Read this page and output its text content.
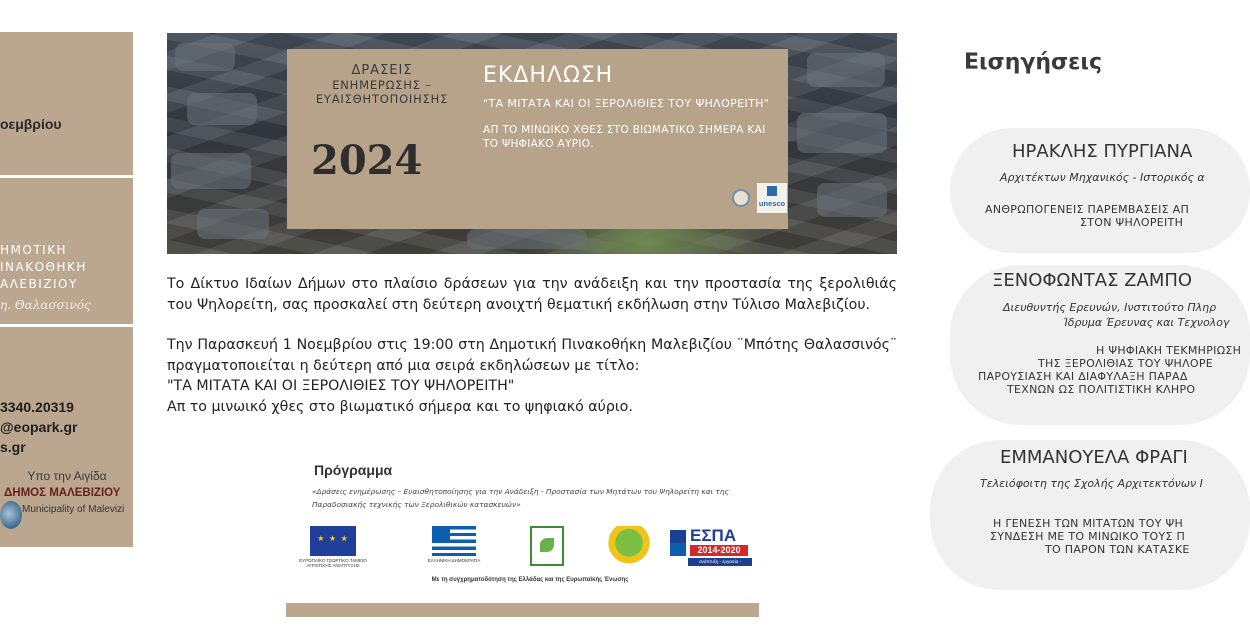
οεμβρίου
ΗΜΟΤΙΚΗ
ΙΝΑΚΟΘΗΚΗ
ΑΛΕΒΙΖΙΟΥ
η. Θαλασσινός
3340.20319
@eopark.gr
s.gr
Υπο την Αιγίδα
ΔΗΜΟΣ ΜΑΛΕΒΙΖΙΟΥ
Municipality of Malevizi
ΔΡΑΣΕΙΣ
ΕΝΗΜΕΡΩΣΗΣ –
ΕΥΑΙΣΘΗΤΟΠΟΙΗΣΗΣ
2024
ΕΚΔΗΛΩΣΗ
"ΤΑ ΜΙΤΑΤΑ ΚΑΙ ΟΙ ΞΕΡΟΛΙΘΙΕΣ ΤΟΥ ΨΗΛΟΡΕΙΤΗ"
ΑΠ ΤΟ ΜΙΝΩΙΚΟ ΧΘΕΣ ΣΤΟ ΒΙΩΜΑΤΙΚΟ ΣΗΜΕΡΑ ΚΑΙ ΤΟ ΨΗΦΙΑΚΟ ΑΥΡΙΟ.
unesco

Το Δίκτυο Ιδαίων Δήμων στο πλαίσιο δράσεων για την ανάδειξη και την προστασία της ξερολιθιάς του Ψηλορείτη, σας προσκαλεί στη δεύτερη ανοιχτή θεματική εκδήλωση στην Τύλισο Μαλεβιζίου.

Την Παρασκευή 1 Νοεμβρίου στις 19:00 στη Δημοτική Πινακοθήκη Μαλεβιζίου ¨Μπότης Θαλασσινός¨ πραγματοποιείται η δεύτερη από μια σειρά εκδηλώσεων με τίτλο:
"ΤΑ ΜΙΤΑΤΑ ΚΑΙ ΟΙ ΞΕΡΟΛΙΘΙΕΣ ΤΟΥ ΨΗΛΟΡΕΙΤΗ"
Απ το μινωικό χθες στο βιωματικό σήμερα και το ψηφιακό αύριο.

Πρόγραμμα
«Δράσεις ενημέρωσης – Ευαισθητοποίησης για την Ανάδειξη - Προστασία των Μητάτων του Ψηλορείτη και της Παραδοσιακής τεχνικής των Ξερολιθικών κατασκευών»
★ ★ ★
ΕΥΡΩΠΑΪΚΟ ΓΕΩΡΓΙΚΟ ΤΑΜΕΙΟ ΑΓΡΟΤΙΚΗΣ ΑΝΑΠΤΥΞΗΣ
ΕΛΛΗΝΙΚΗ ΔΗΜΟΚΡΑΤΙΑ
ΕΣΠΑ
2014-2020
ανάπτυξη - εργασία - αλληλεγγύη
Με τη συγχρηματοδότηση της Ελλάδας και της Ευρωπαϊκής Ένωσης
Εισηγήσεις
ΗΡΑΚΛΗΣ ΠΥΡΓΙΑΝΑ
Αρχιτέκτων Μηχανικός - Ιστορικός α
ΑΝΘΡΩΠΟΓΕΝΕΙΣ ΠΑΡΕΜΒΑΣΕΙΣ ΑΠ
ΣΤΟΝ ΨΗΛΟΡΕΙΤΗ
ΞΕΝΟΦΩΝΤΑΣ ΖΑΜΠΟ
Διευθυντής Ερευνών, Ινστιτούτο Πληρ
Ίδρυμα Έρευνας και Τεχνολογ
Η ΨΗΦΙΑΚΗ ΤΕΚΜΗΡΙΩΣΗ
ΤΗΣ ΞΕΡΟΛΙΘΙΑΣ ΤΟΥ ΨΗΛΟΡΕ
ΠΑΡΟΥΣΙΑΣΗ ΚΑΙ ΔΙΑΦΥΛΑΞΗ ΠΑΡΑΔ
ΤΕΧΝΩΝ ΩΣ ΠΟΛΙΤΙΣΤΙΚΗ ΚΛΗΡΟ
ΕΜΜΑΝΟΥΕΛΑ ΦΡΑΓΙ
Τελειόφοιτη της Σχολής Αρχιτεκτόνων Ι
Η ΓΕΝΕΣΗ ΤΩΝ ΜΙΤΑΤΩΝ ΤΟΥ ΨΗ
ΣΥΝΔΕΣΗ ΜΕ ΤΟ ΜΙΝΩΙΚΟ ΤΟΥΣ Π
ΤΟ ΠΑΡΟΝ ΤΩΝ ΚΑΤΑΣΚΕ
